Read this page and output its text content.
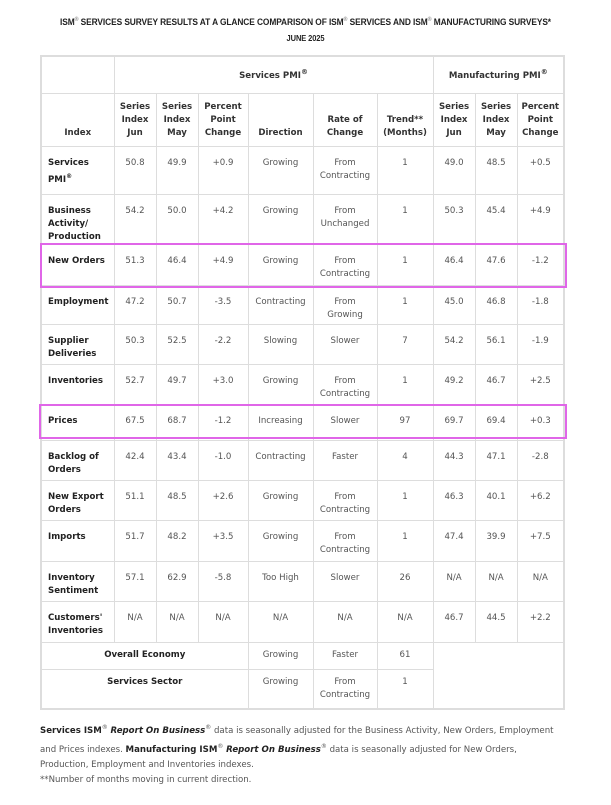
ISM® SERVICES SURVEY RESULTS AT A GLANCE COMPARISON OF ISM® SERVICES AND ISM® MANUFACTURING SURVEYS*
JUNE 2025
	Services PMI®						Manufacturing PMI®
Index	Series Index Jun	Series Index May	Percent Point Change	Direction	Rate of Change	Trend** (Months)	Series Index Jun	Series Index May	Percent Point Change
Services PMI®	50.8	49.9	+0.9	Growing	From Contracting	1	49.0	48.5	+0.5
Business Activity/ Production	54.2	50.0	+4.2	Growing	From Unchanged	1	50.3	45.4	+4.9
New Orders	51.3	46.4	+4.9	Growing	From Contracting	1	46.4	47.6	-1.2
Employment	47.2	50.7	-3.5	Contracting	From Growing	1	45.0	46.8	-1.8
Supplier Deliveries	50.3	52.5	-2.2	Slowing	Slower	7	54.2	56.1	-1.9
Inventories	52.7	49.7	+3.0	Growing	From Contracting	1	49.2	46.7	+2.5
Prices	67.5	68.7	-1.2	Increasing	Slower	97	69.7	69.4	+0.3
Backlog of Orders	42.4	43.4	-1.0	Contracting	Faster	4	44.3	47.1	-2.8
New Export Orders	51.1	48.5	+2.6	Growing	From Contracting	1	46.3	40.1	+6.2
Imports	51.7	48.2	+3.5	Growing	From Contracting	1	47.4	39.9	+7.5
Inventory Sentiment	57.1	62.9	-5.8	Too High	Slower	26	N/A	N/A	N/A
Customers' Inventories	N/A	N/A	N/A	N/A	N/A	N/A	46.7	44.5	+2.2
Overall Economy				Growing	Faster	61			
Services Sector				Growing	From Contracting	1			
Services ISM® Report On Business® data is seasonally adjusted for the Business Activity, New Orders, Employment and Prices indexes. Manufacturing ISM® Report On Business® data is seasonally adjusted for New Orders, Production, Employment and Inventories indexes.
**Number of months moving in current direction.
